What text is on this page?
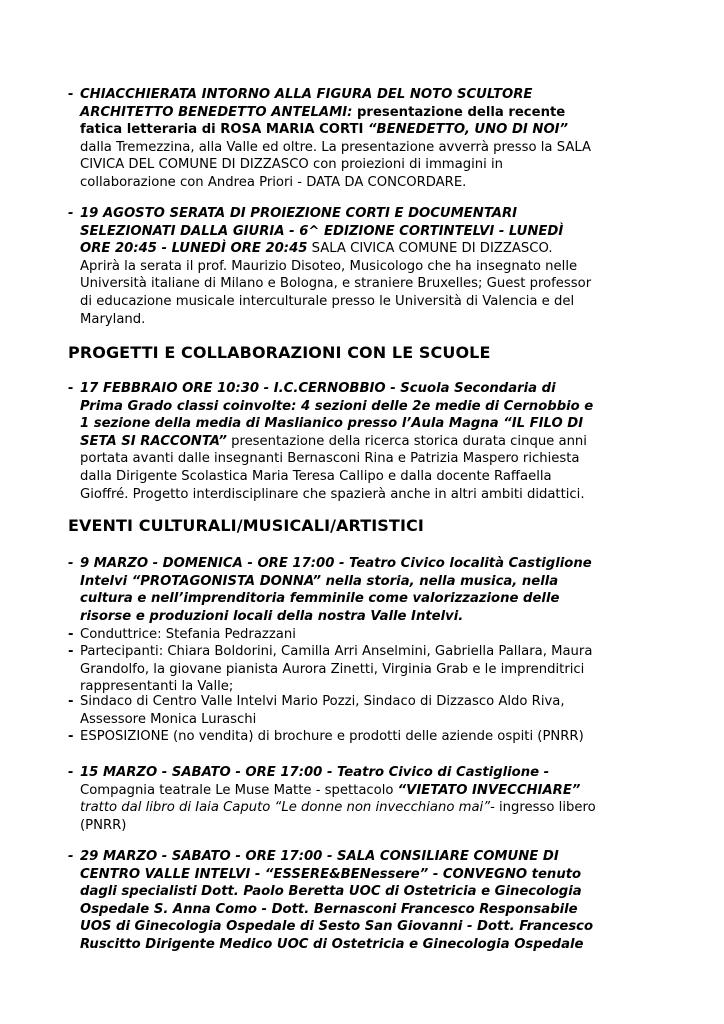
- CHIACCHIERATA INTORNO ALLA FIGURA DEL NOTO SCULTORE
ARCHITETTO BENEDETTO ANTELAMI: presentazione della recente
fatica letteraria di ROSA MARIA CORTI “BENEDETTO, UNO DI NOI”
dalla Tremezzina, alla Valle ed oltre. La presentazione avverrà presso la SALA
CIVICA DEL COMUNE DI DIZZASCO con proiezioni di immagini in
collaborazione con Andrea Priori - DATA DA CONCORDARE.
- 19 AGOSTO SERATA DI PROIEZIONE CORTI E DOCUMENTARI
SELEZIONATI DALLA GIURIA - 6^ EDIZIONE CORTINTELVI - LUNEDÌ
ORE 20:45 - LUNEDÌ ORE 20:45 SALA CIVICA COMUNE DI DIZZASCO.
Aprirà la serata il prof. Maurizio Disoteo, Musicologo che ha insegnato nelle
Università italiane di Milano e Bologna, e straniere Bruxelles; Guest professor
di educazione musicale interculturale presso le Università di Valencia e del
Maryland.
PROGETTI E COLLABORAZIONI CON LE SCUOLE
- 17 FEBBRAIO ORE 10:30 - I.C.CERNOBBIO - Scuola Secondaria di
Prima Grado classi coinvolte: 4 sezioni delle 2e medie di Cernobbio e
1 sezione della media di Maslianico presso l’Aula Magna “IL FILO DI
SETA SI RACCONTA” presentazione della ricerca storica durata cinque anni
portata avanti dalle insegnanti Bernasconi Rina e Patrizia Maspero richiesta
dalla Dirigente Scolastica Maria Teresa Callipo e dalla docente Raffaella
Gioffré. Progetto interdisciplinare che spazierà anche in altri ambiti didattici.
EVENTI CULTURALI/MUSICALI/ARTISTICI
- 9 MARZO - DOMENICA - ORE 17:00 - Teatro Civico località Castiglione
Intelvi “PROTAGONISTA DONNA” nella storia, nella musica, nella
cultura e nell’imprenditoria femminile come valorizzazione delle
risorse e produzioni locali della nostra Valle Intelvi.
- Conduttrice: Stefania Pedrazzani
- Partecipanti: Chiara Boldorini, Camilla Arri Anselmini, Gabriella Pallara, Maura
Grandolfo, la giovane pianista Aurora Zinetti, Virginia Grab e le imprenditrici
rappresentanti la Valle;
- Sindaco di Centro Valle Intelvi Mario Pozzi, Sindaco di Dizzasco Aldo Riva,
Assessore Monica Luraschi
- ESPOSIZIONE (no vendita) di brochure e prodotti delle aziende ospiti (PNRR)
- 15 MARZO - SABATO - ORE 17:00 - Teatro Civico di Castiglione -
Compagnia teatrale Le Muse Matte - spettacolo “VIETATO INVECCHIARE”
tratto dal libro di Iaia Caputo “Le donne non invecchiano mai”- ingresso libero
(PNRR)
- 29 MARZO - SABATO - ORE 17:00 - SALA CONSILIARE COMUNE DI
CENTRO VALLE INTELVI - “ESSERE&BENessere” - CONVEGNO tenuto
dagli specialisti Dott. Paolo Beretta UOC di Ostetricia e Ginecologia
Ospedale S. Anna Como - Dott. Bernasconi Francesco Responsabile
UOS di Ginecologia Ospedale di Sesto San Giovanni - Dott. Francesco
Ruscitto Dirigente Medico UOC di Ostetricia e Ginecologia Ospedale
